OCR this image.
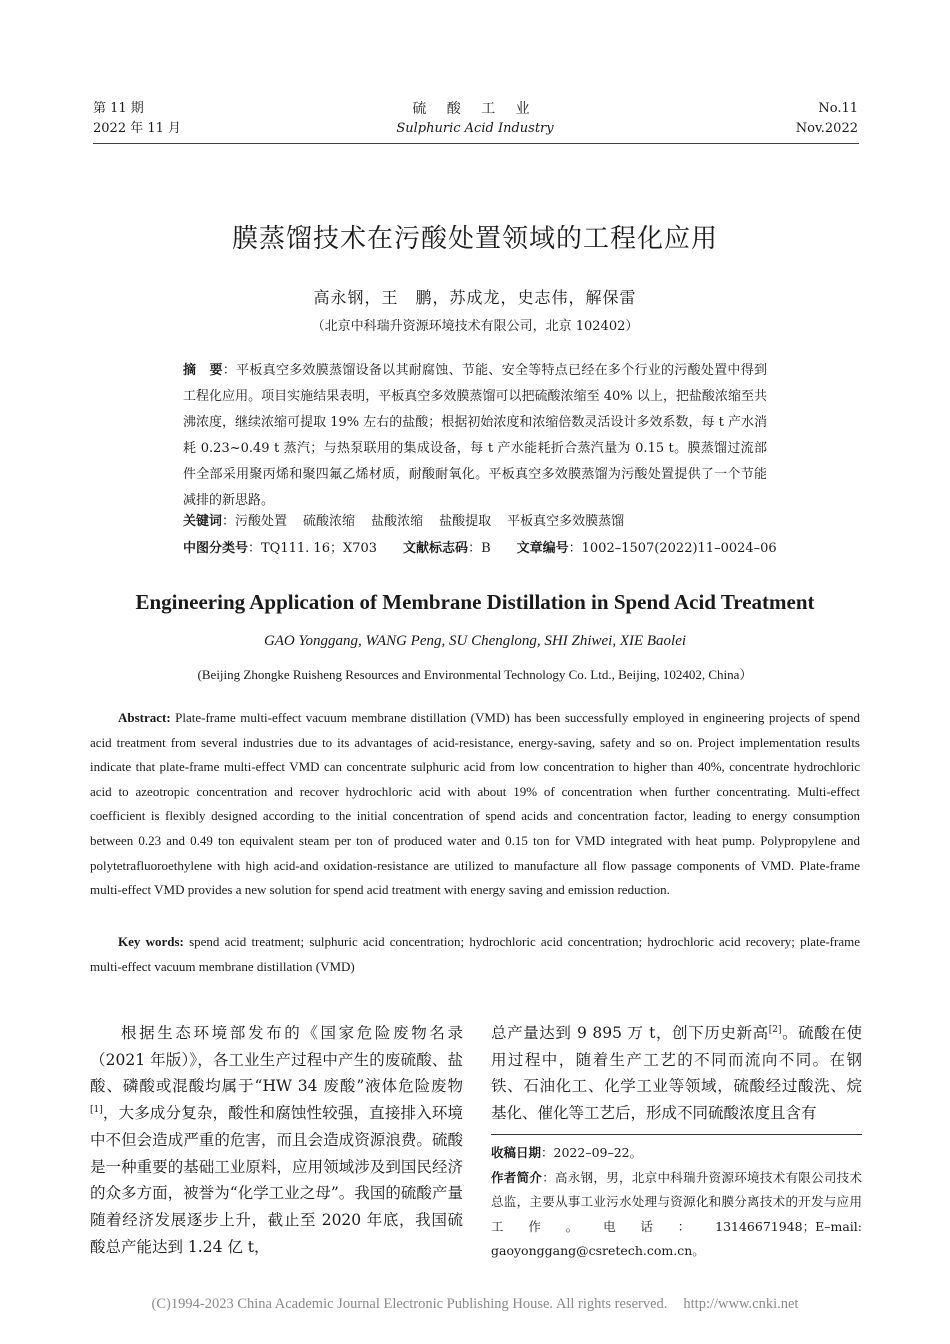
第 11 期
2022 年 11 月
硫 酸 工 业
Sulphuric Acid Industry
No.11
Nov.2022
膜蒸馏技术在污酸处置领域的工程化应用
高永钢，王　鹏，苏成龙，史志伟，解保雷
（北京中科瑞升资源环境技术有限公司，北京 102402）
摘　要：平板真空多效膜蒸馏设备以其耐腐蚀、节能、安全等特点已经在多个行业的污酸处置中得到工程化应用。项目实施结果表明，平板真空多效膜蒸馏可以把硫酸浓缩至 40% 以上，把盐酸浓缩至共沸浓度，继续浓缩可提取 19% 左右的盐酸；根据初始浓度和浓缩倍数灵活设计多效系数，每 t 产水消耗 0.23~0.49 t 蒸汽；与热泵联用的集成设备，每 t 产水能耗折合蒸汽量为 0.15 t。膜蒸馏过流部件全部采用聚丙烯和聚四氟乙烯材质，耐酸耐氧化。平板真空多效膜蒸馏为污酸处置提供了一个节能减排的新思路。
关键词：污酸处置 硫酸浓缩 盐酸浓缩 盐酸提取 平板真空多效膜蒸馏
中图分类号：TQ111. 16；X703 文献标志码：B 文章编号：1002–1507(2022)11–0024–06
Engineering Application of Membrane Distillation in Spend Acid Treatment
GAO Yonggang, WANG Peng, SU Chenglong, SHI Zhiwei, XIE Baolei
(Beijing Zhongke Ruisheng Resources and Environmental Technology Co. Ltd., Beijing, 102402, China）
Abstract: Plate-frame multi-effect vacuum membrane distillation (VMD) has been successfully employed in engineering projects of spend acid treatment from several industries due to its advantages of acid-resistance, energy-saving, safety and so on. Project implementation results indicate that plate-frame multi-effect VMD can concentrate sulphuric acid from low concentration to higher than 40%, concentrate hydrochloric acid to azeotropic concentration and recover hydrochloric acid with about 19% of concentration when further concentrating. Multi-effect coefficient is flexibly designed according to the initial concentration of spend acids and concentration factor, leading to energy consumption between 0.23 and 0.49 ton equivalent steam per ton of produced water and 0.15 ton for VMD integrated with heat pump. Polypropylene and polytetrafluoroethylene with high acid-and oxidation-resistance are utilized to manufacture all flow passage components of VMD. Plate-frame multi-effect VMD provides a new solution for spend acid treatment with energy saving and emission reduction.
Key words: spend acid treatment; sulphuric acid concentration; hydrochloric acid concentration; hydrochloric acid recovery; plate-frame multi-effect vacuum membrane distillation (VMD)

根据生态环境部发布的《国家危险废物名录（2021 年版）》，各工业生产过程中产生的废硫酸、盐酸、磷酸或混酸均属于“HW 34 废酸”液体危险废物[1]，大多成分复杂，酸性和腐蚀性较强，直接排入环境中不但会造成严重的危害，而且会造成资源浪费。硫酸是一种重要的基础工业原料，应用领域涉及到国民经济的众多方面，被誉为“化学工业之母”。我国的硫酸产量随着经济发展逐步上升，截止至 2020 年底，我国硫酸总产能达到 1.24 亿 t，

总产量达到 9 895 万 t，创下历史新高[2]。硫酸在使用过程中，随着生产工艺的不同而流向不同。在钢铁、石油化工、化学工业等领域，硫酸经过酸洗、烷基化、催化等工艺后，形成不同硫酸浓度且含有

收稿日期：2022–09–22。
作者简介：高永钢，男，北京中科瑞升资源环境技术有限公司技术总监，主要从事工业污水处理与资源化和膜分离技术的开发与应用工作。电话：13146671948；E–mail: gaoyonggang@csretech.com.cn。
(C)1994-2023 China Academic Journal Electronic Publishing House. All rights reserved. http://www.cnki.net
